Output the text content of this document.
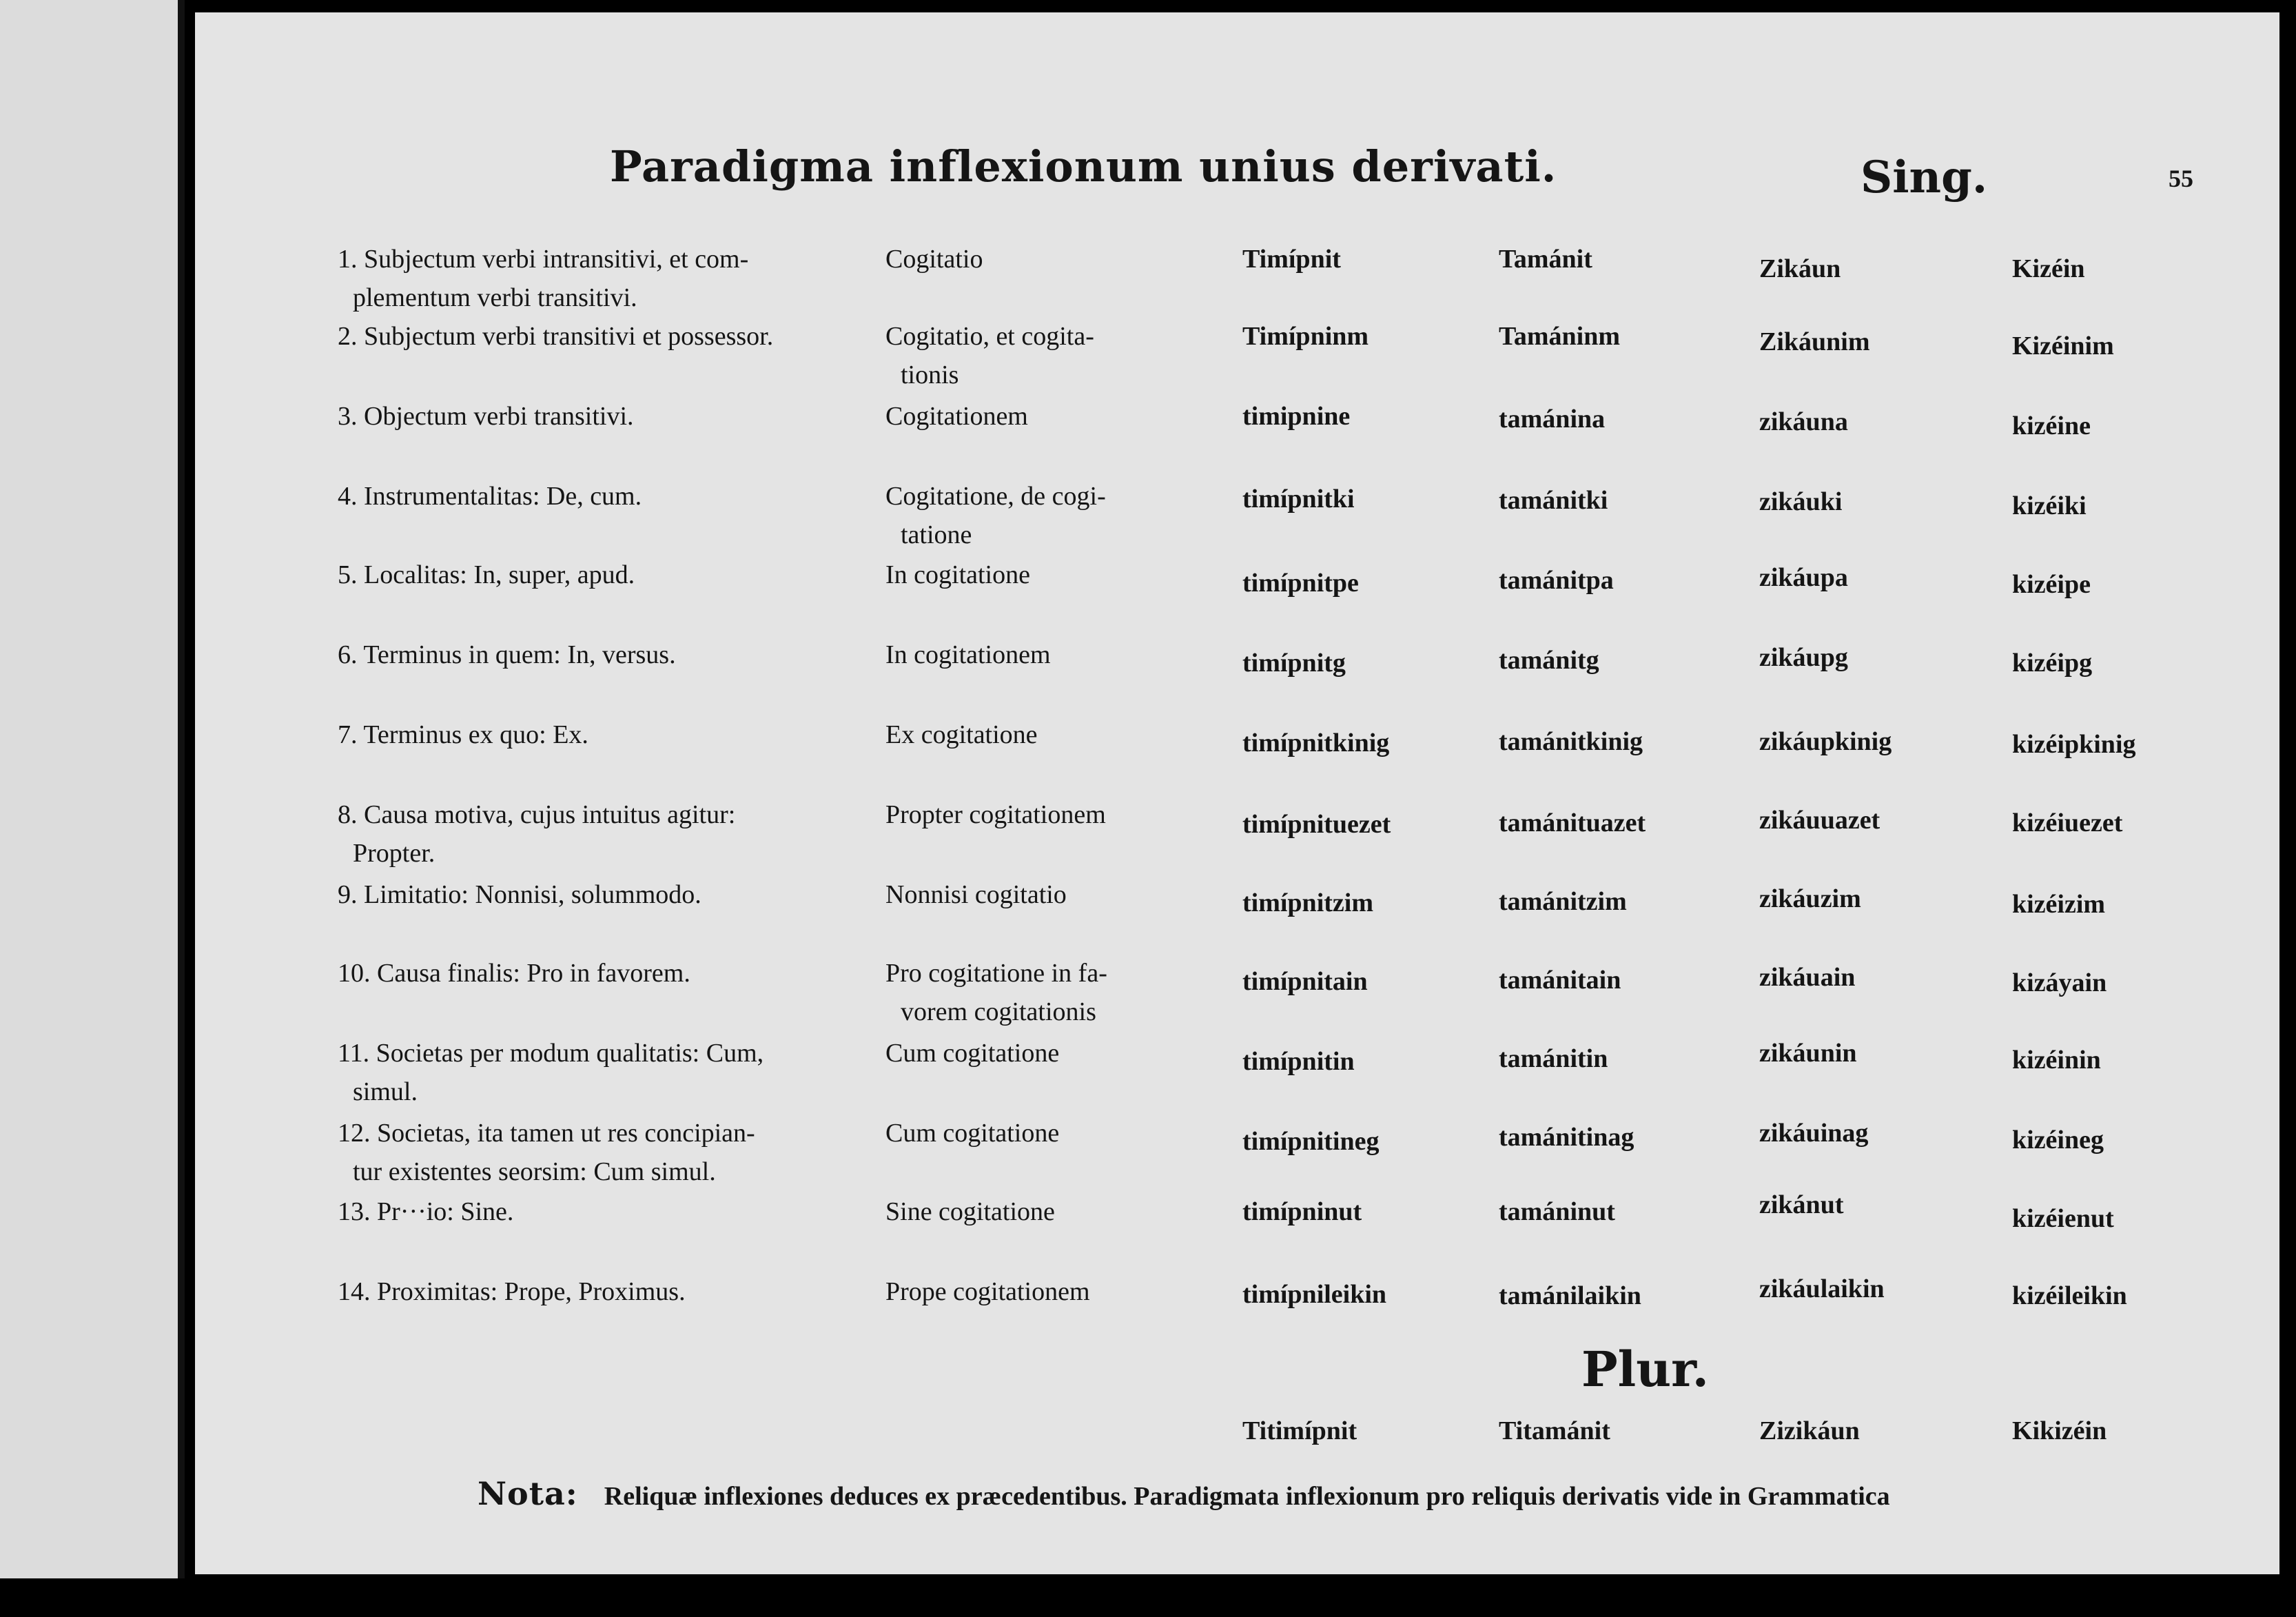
Paradigma inflexionum unius derivati.	55
Sing.
1. Subjectum verbi intransitivi, et com-
plementum verbi transitivi.
Cogitatio	Timípnit	Tamánit	Zikáun	Kizéin
2. Subjectum verbi transitivi et possessor.	Cogitatio, et cogita-
tionis
Timípninm	Tamáninm	Zikáunim	Kizéinim
3. Objectum verbi transitivi.	Cogitationem	timipnine	tamánina	zikáuna	kizéine
4. Instrumentalitas: De, cum.	Cogitatione, de cogi-
tatione
timípnitki	tamánitki	zikáuki	kizéiki
5. Localitas: In, super, apud.	In cogitatione	timípnitpe	tamánitpa	zikáupa	kizéipe
6. Terminus in quem: In, versus.	In cogitationem	timípnitg	tamánitg	zikáupg	kizéipg
7. Terminus ex quo: Ex.	Ex cogitatione	timípnitkinig	tamánitkinig	zikáupkinig	kizéipkinig
8. Causa motiva, cujus intuitus agitur:
Propter.
Propter cogitationem	timípnituezet	tamánituazet	zikáuuazet	kizéiuezet
9. Limitatio: Nonnisi, solummodo.	Nonnisi cogitatio	timípnitzim	tamánitzim	zikáuzim	kizéizim
10. Causa finalis: Pro in favorem.	Pro cogitatione in fa-
vorem cogitationis
timípnitain	tamánitain	zikáuain	kizáyain
11. Societas per modum qualitatis: Cum,
simul.
Cum cogitatione	timípnitin	tamánitin	zikáunin	kizéinin
12. Societas, ita tamen ut res concipian-
tur existentes seorsim: Cum simul.
Cum cogitatione	timípnitineg	tamánitinag	zikáuinag	kizéineg
13. Pr···io: Sine.	Sine cogitatione	timípninut	tamáninut	zikánut	kizéienut
14. Proximitas: Prope, Proximus.	Prope cogitationem	timípnileikin	tamánilaikin	zikáulaikin	kizéileikin
Plur.
Titimípnit	Titamánit	Zizikáun	Kikizéin
Nota: Reliquæ inflexiones deduces ex præcedentibus. Paradigmata inflexionum pro reliquis derivatis vide in Grammatica
